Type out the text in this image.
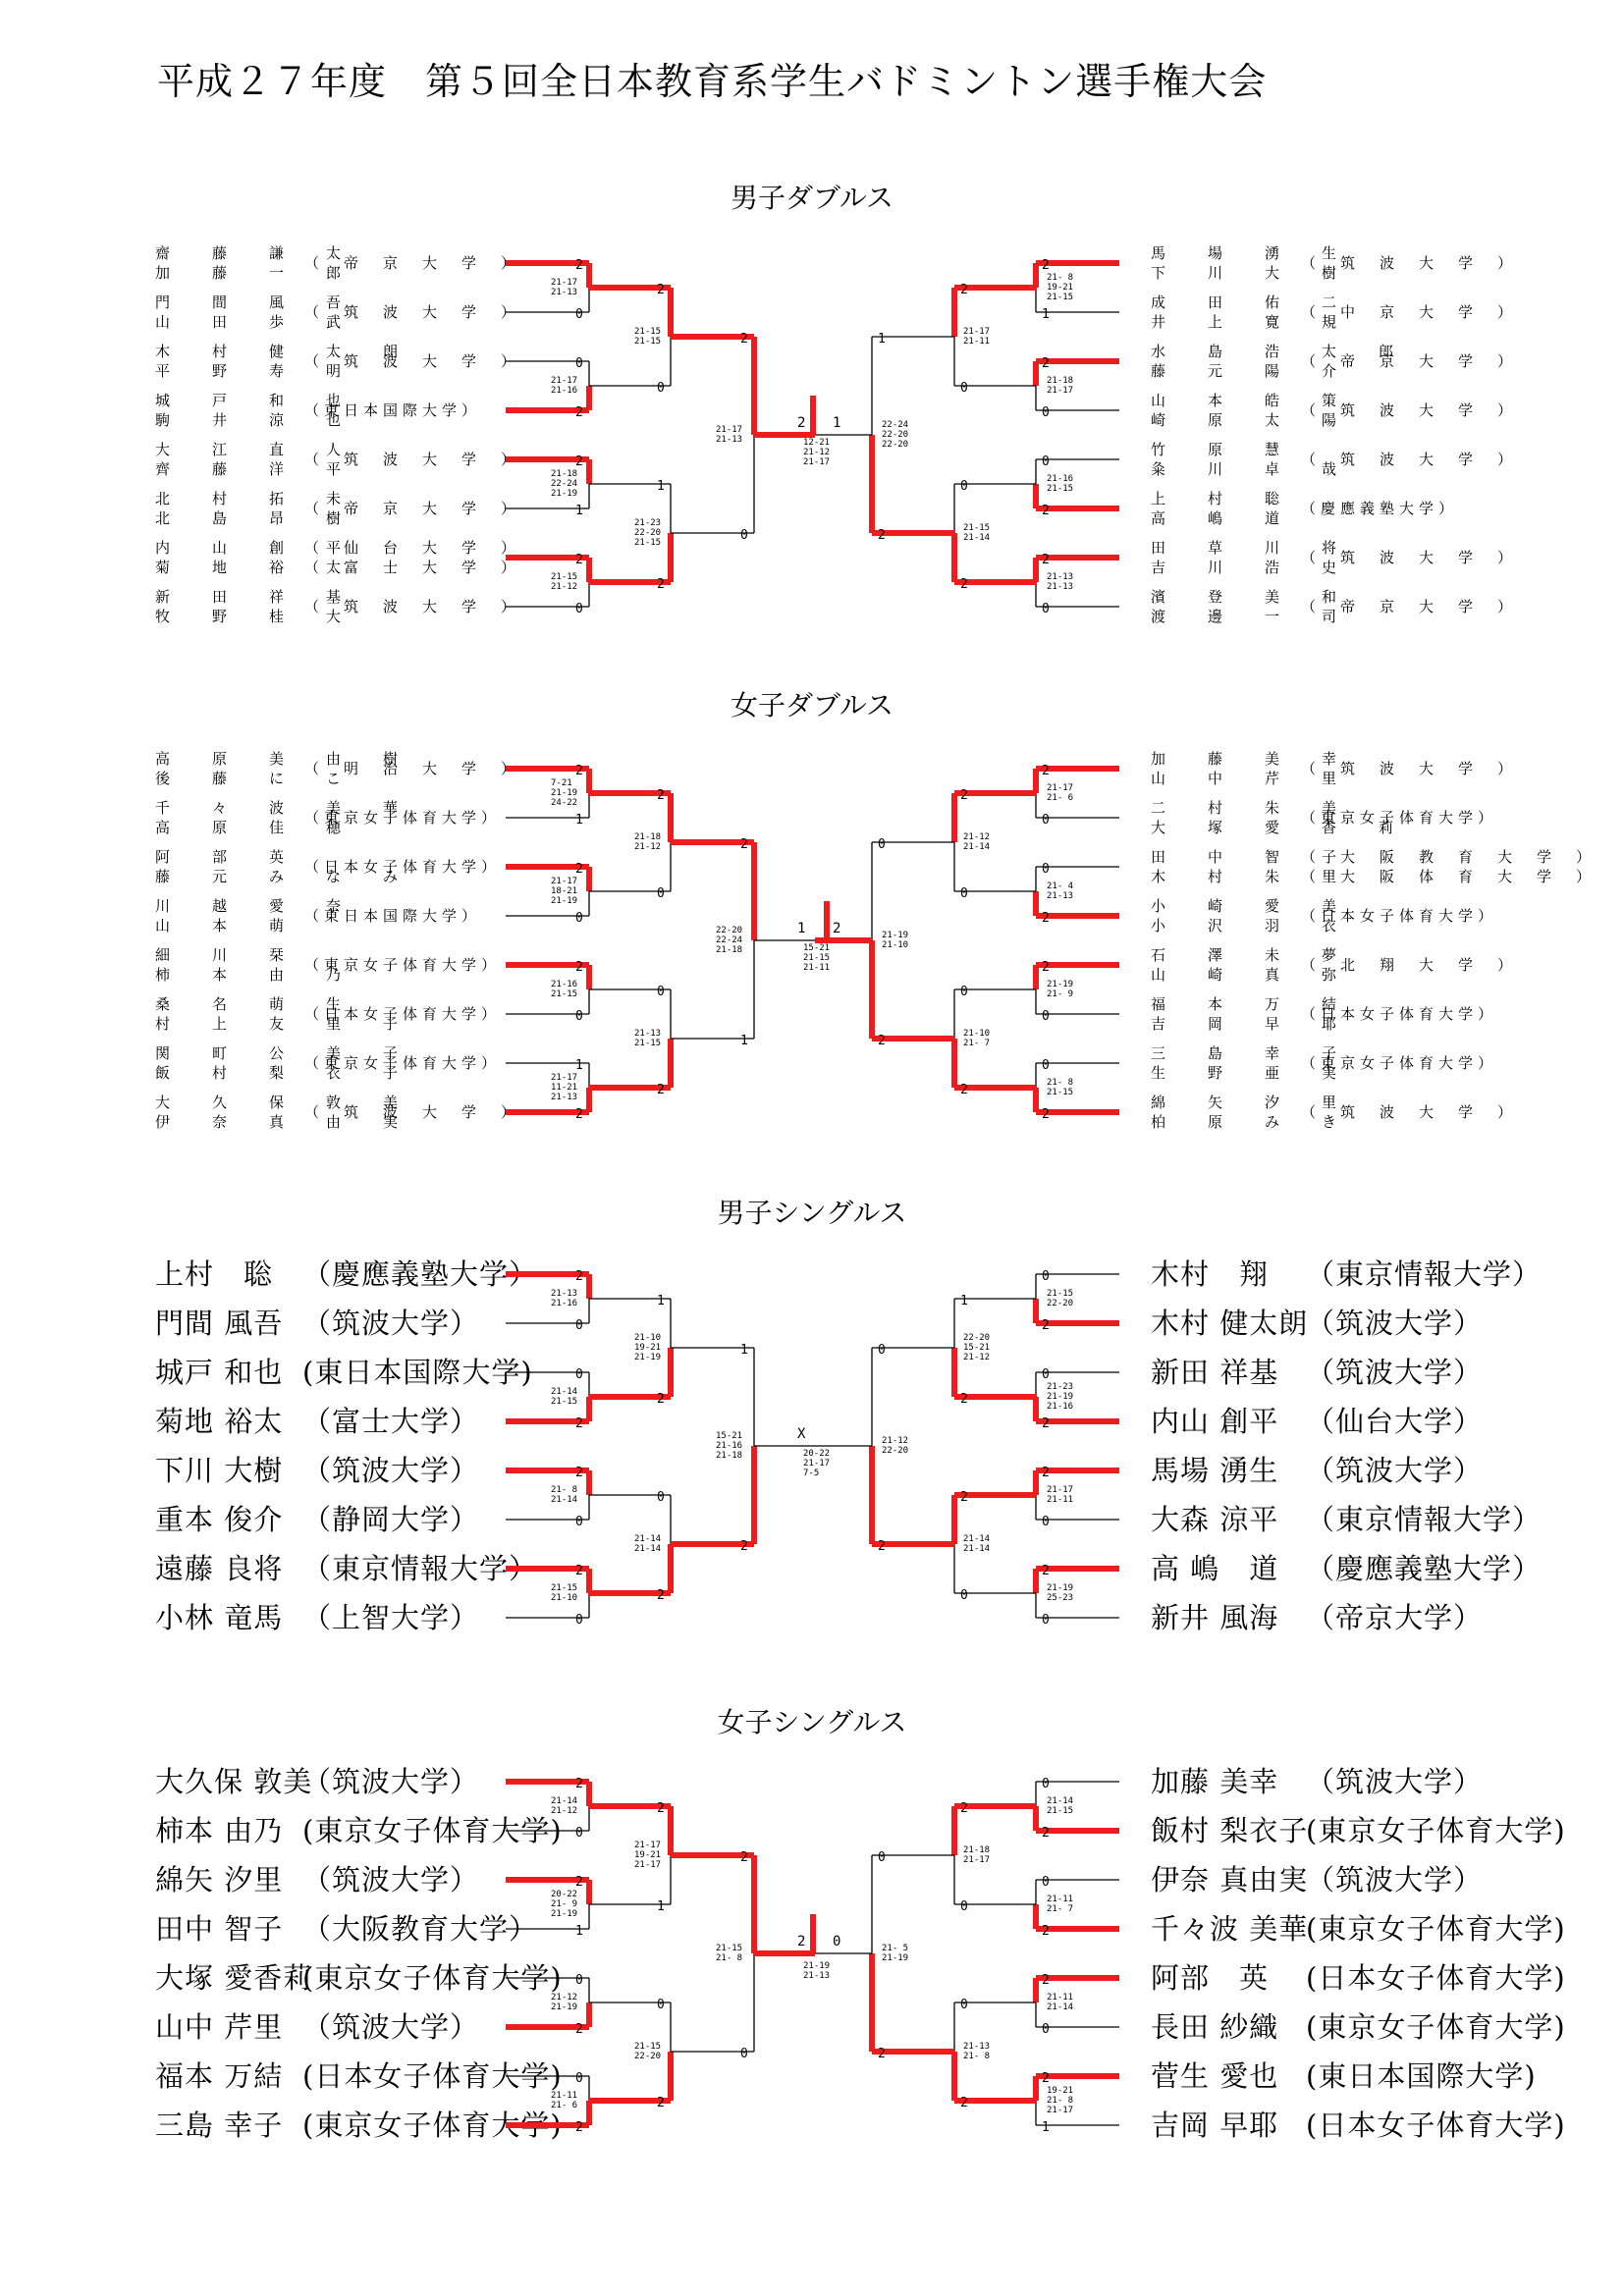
平成２７年度　第５回全日本教育系学生バドミントン選手権大会
男子ダブルス
齋　藤　謙　太
加　藤　一　郎
（　帝　京　大　学　）
門　間　風　吾
山　田　歩　武
（　筑　波　大　学　）
木　村　健　太　朗
平　野　寿　明
（　筑　波　大　学　）
城　戸　和　也
駒　井　涼　也
（東日本国際大学）
大　江　直　人
齊　藤　洋　平
（　筑　波　大　学　）
北　村　拓　未
北　島　昂　樹
（　帝　京　大　学　）
内　山　創　平
菊　地　裕　太
（　仙　台　大　学　）
（　富　士　大　学　）
新　田　祥　基
牧　野　桂　大
（　筑　波　大　学　）
馬　場　湧　生
下　川　大　樹
（　筑　波　大　学　）
成　田　佑　二
井　上　寛　規
（　中　京　大　学　）
水　島　浩　太　郎
藤　元　陽　介
（　帝　京　大　学　）
山　本　皓　策
崎　原　太　陽
（　筑　波　大　学　）
竹　原　慧
粂　川　卓　哉
（　筑　波　大　学　）
上　村　聡
高　嶋　道
（慶應義塾大学）
田　草　川　将
吉　川　浩　史
（　筑　波　大　学　）
濱　登　美　和
渡　邊　一　司
（　帝　京　大　学　）
2
0
21-17
21-13
0
2
21-17
21-16
2
1
21-18
22-24
21-19
2
0
21-15
21-12
2
0
21-15
21-15
1
2
21-23
22-20
21-15
2
0
21-17
21-13
2
1
21- 8
19-21
21-15
2
0
21-18
21-17
0
2
21-16
21-15
2
0
21-13
21-13
2
0
21-17
21-11
0
2
21-15
21-14
1
2
22-24
22-20
22-20
2 1
12-21
21-12
21-17
女子ダブルス
高　原　美　由　樹
後　藤　に　こ
（　明　治　大　学　）
千　々　波　美　華
高　原　佳　穂
（東京女子体育大学）
阿　部　英
藤　元　み　な　み
（日本女子体育大学）
川　越　愛　奈
山　本　萌
（東日本国際大学）
細　川　栞
柿　本　由　乃
（東京女子体育大学）
桑　名　萌　生
村　上　友　里　子
（日本女子体育大学）
関　町　公　美　子
飯　村　梨　衣　子
（東京女子体育大学）
大　久　保　敦　美
伊　奈　真　由　実
（　筑　波　大　学　）
加　藤　美　幸
山　中　芹　里
（　筑　波　大　学　）
二　村　朱　美
大　塚　愛　香　莉
（東京女子体育大学）
田　中　智　子
木　村　朱　里
（　大　阪　教　育　大　学　）
（　大　阪　体　育　大　学　）
小　崎　愛　美
小　沢　羽　衣
（日本女子体育大学）
石　澤　未　夢
山　崎　真　弥
（　北　翔　大　学　）
福　本　万　結
吉　岡　早　耶
（日本女子体育大学）
三　島　幸　子
生　野　亜　実
（東京女子体育大学）
綿　矢　汐　里
柏　原　み　き
（　筑　波　大　学　）
2
1
7-21
21-19
24-22
2
0
21-17
18-21
21-19
2
0
21-16
21-15
1
2
21-17
11-21
21-13
2
0
21-18
21-12
0
2
21-13
21-15
2
1
22-20
22-24
21-18
2
0
21-17
21- 6
0
2
21- 4
21-13
2
0
21-19
21- 9
0
2
21- 8
21-15
2
0
21-12
21-14
0
2
21-10
21- 7
0
2
21-19
21-10
1 2
15-21
21-15
21-11
男子シングルス
上村　聡 （慶應義塾大学）
門間 風吾 （筑波大学）
城戸 和也 (東日本国際大学)
菊地 裕太 （富士大学）
下川 大樹 （筑波大学）
重本 俊介 （静岡大学）
遠藤 良将 （東京情報大学）
小林 竜馬 （上智大学）
木村　翔 （東京情報大学）
木村 健太朗
（筑波大学）
新田 祥基 （筑波大学）
内山 創平 （仙台大学）
馬場 湧生 （筑波大学）
大森 涼平 （東京情報大学）
高 嶋　道 （慶應義塾大学）
新井 風海 （帝京大学）
2
0
21-13
21-16
0
2
21-14
21-15
2
0
21- 8
21-14
2
0
21-15
21-10
1
2
21-10
19-21
21-19
0
2
21-14
21-14
1
2
15-21
21-16
21-18
0
2
21-15
22-20
0
2
21-23
21-19
21-16
2
0
21-17
21-11
2
0
21-19
25-23
1
2
22-20
15-21
21-12
2
0
21-14
21-14
0
2
21-12
22-20
X
20-22
21-17
7-5
女子シングルス
大久保 敦美
（筑波大学）
柿本 由乃 (東京女子体育大学)
綿矢 汐里 （筑波大学）
田中 智子 （大阪教育大学）
大塚 愛香莉
(東京女子体育大学)
山中 芹里 （筑波大学）
福本 万結 (日本女子体育大学)
三島 幸子 (東京女子体育大学)
加藤 美幸 （筑波大学）
飯村 梨衣子
(東京女子体育大学)
伊奈 真由実
（筑波大学）
千々波 美華
(東京女子体育大学)
阿部　英 (日本女子体育大学)
長田 紗織 (東京女子体育大学)
菅生 愛也 (東日本国際大学)
吉岡 早耶 (日本女子体育大学)
2
0
21-14
21-12
2
1
20-22
21- 9
21-19
0
2
21-12
21-19
0
2
21-11
21- 6
2
1
21-17
19-21
21-17
0
2
21-15
22-20
2
0
21-15
21- 8
0
2
21-14
21-15
0
2
21-11
21- 7
2
0
21-11
21-14
2
1
19-21
21- 8
21-17
2
0
21-18
21-17
0
2
21-13
21- 8
0
2
21- 5
21-19
2 0
21-19
21-13
